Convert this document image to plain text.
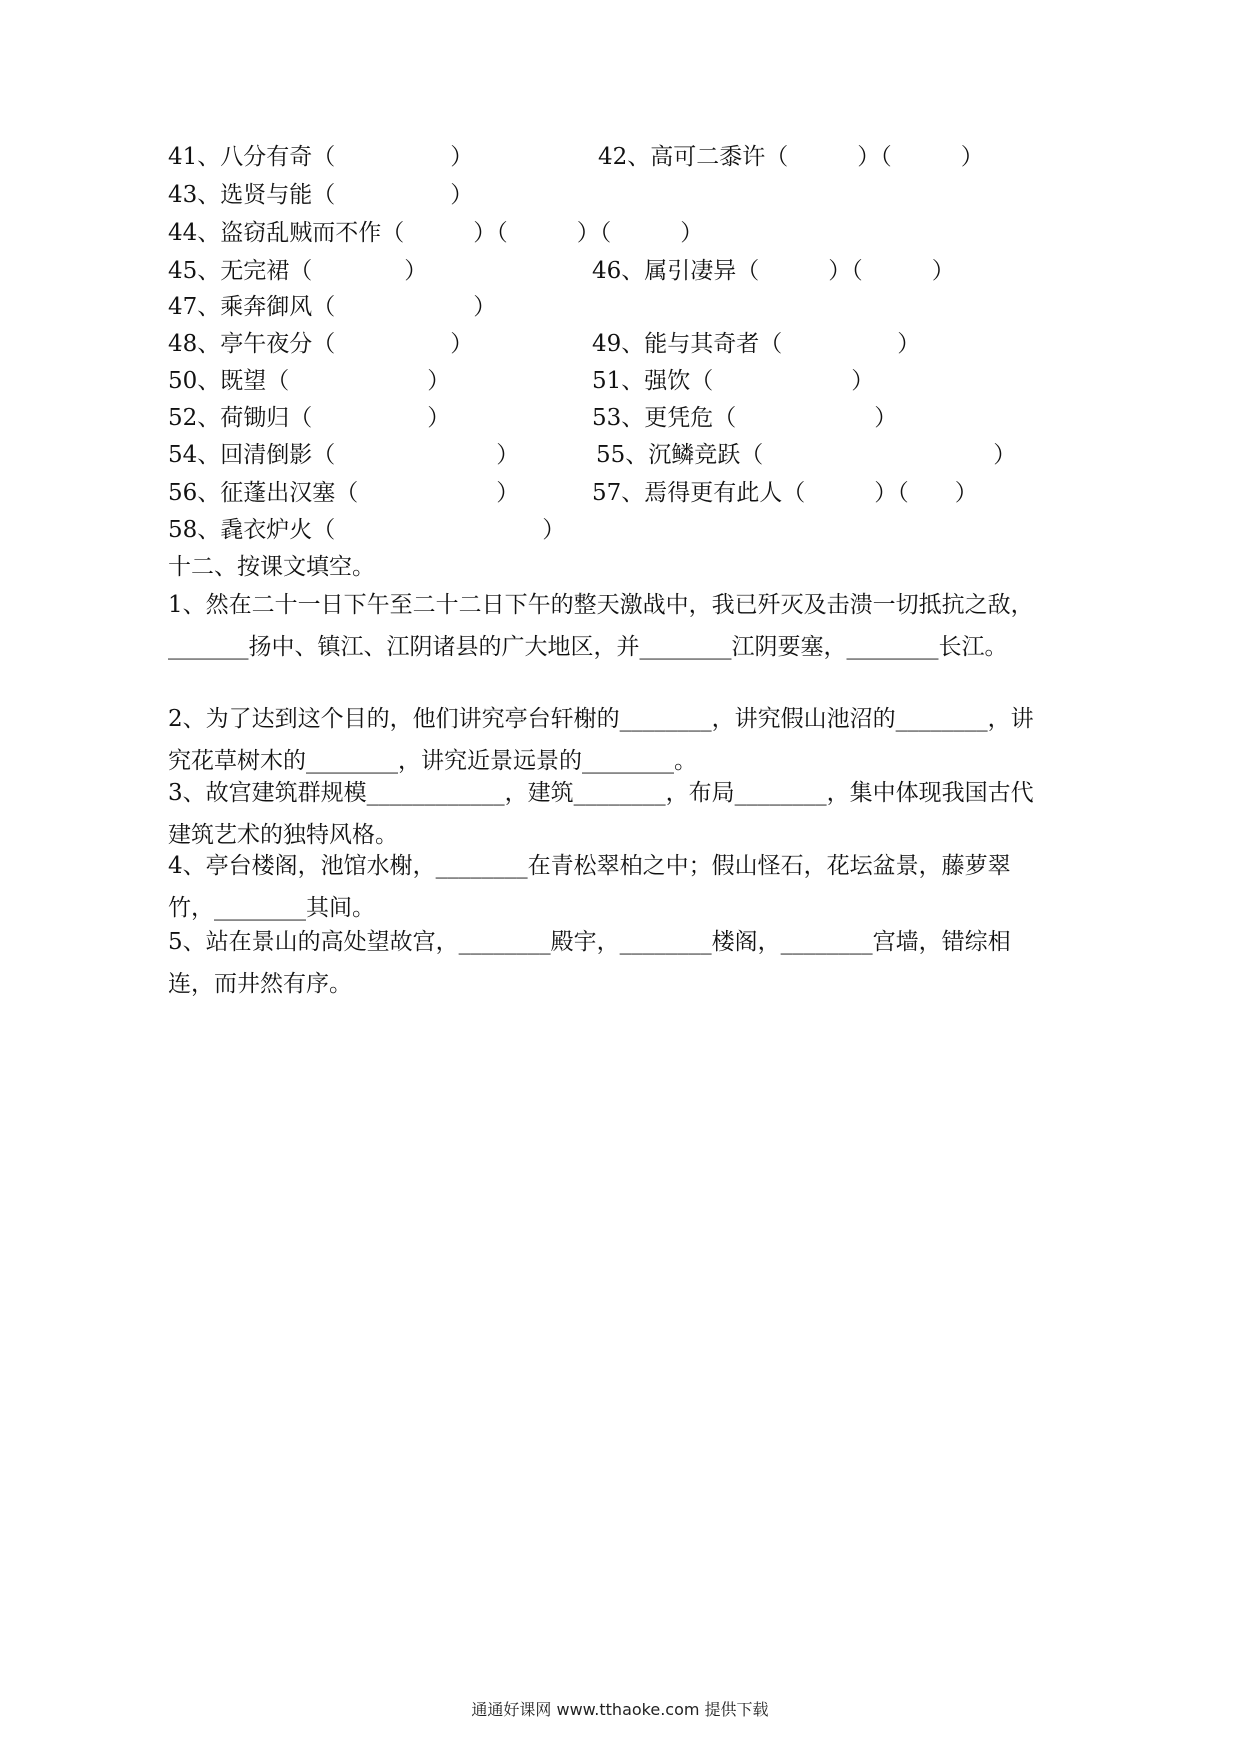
41、八分有奇（　　　　　）	42、高可二黍许（　　　）（　　　）
43、选贤与能（　　　　　）
44、盗窃乱贼而不作（　　　）（　　　）（　　　）
45、无完裙（　　　　）	46、属引凄异（　　　）（　　　）
47、乘奔御风（　　　　　　）
48、亭午夜分（　　　　　）	49、能与其奇者（　　　　　）
50、既望（　　　　　　）	51、强饮（　　　　　　）
52、荷锄归（　　　　　）	53、更凭危（　　　　　　）
54、回清倒影（　　　　　　　）	55、沉鳞竞跃（　　　　　　　　　　）
56、征蓬出汉塞（　　　　　　）	57、焉得更有此人（　　　）（　　）
58、毳衣炉火（　　　　　　　　　）
十二、按课文填空。
1、然在二十一日下午至二十二日下午的整天激战中，我已歼灭及击溃一切抵抗之敌，_______扬中、镇江、江阴诸县的广大地区，并________江阴要塞，________长江。
2、为了达到这个目的，他们讲究亭台轩榭的________，讲究假山池沼的________，讲究花草树木的________，讲究近景远景的________。
3、故宫建筑群规模____________，建筑________，布局________，集中体现我国古代建筑艺术的独特风格。
4、亭台楼阁，池馆水榭，________在青松翠柏之中；假山怪石，花坛盆景，藤萝翠竹，________其间。
5、站在景山的高处望故宫，________殿宇，________楼阁，________宫墙，错综相连，而井然有序。
通通好课网 www.tthaoke.com 提供下载
